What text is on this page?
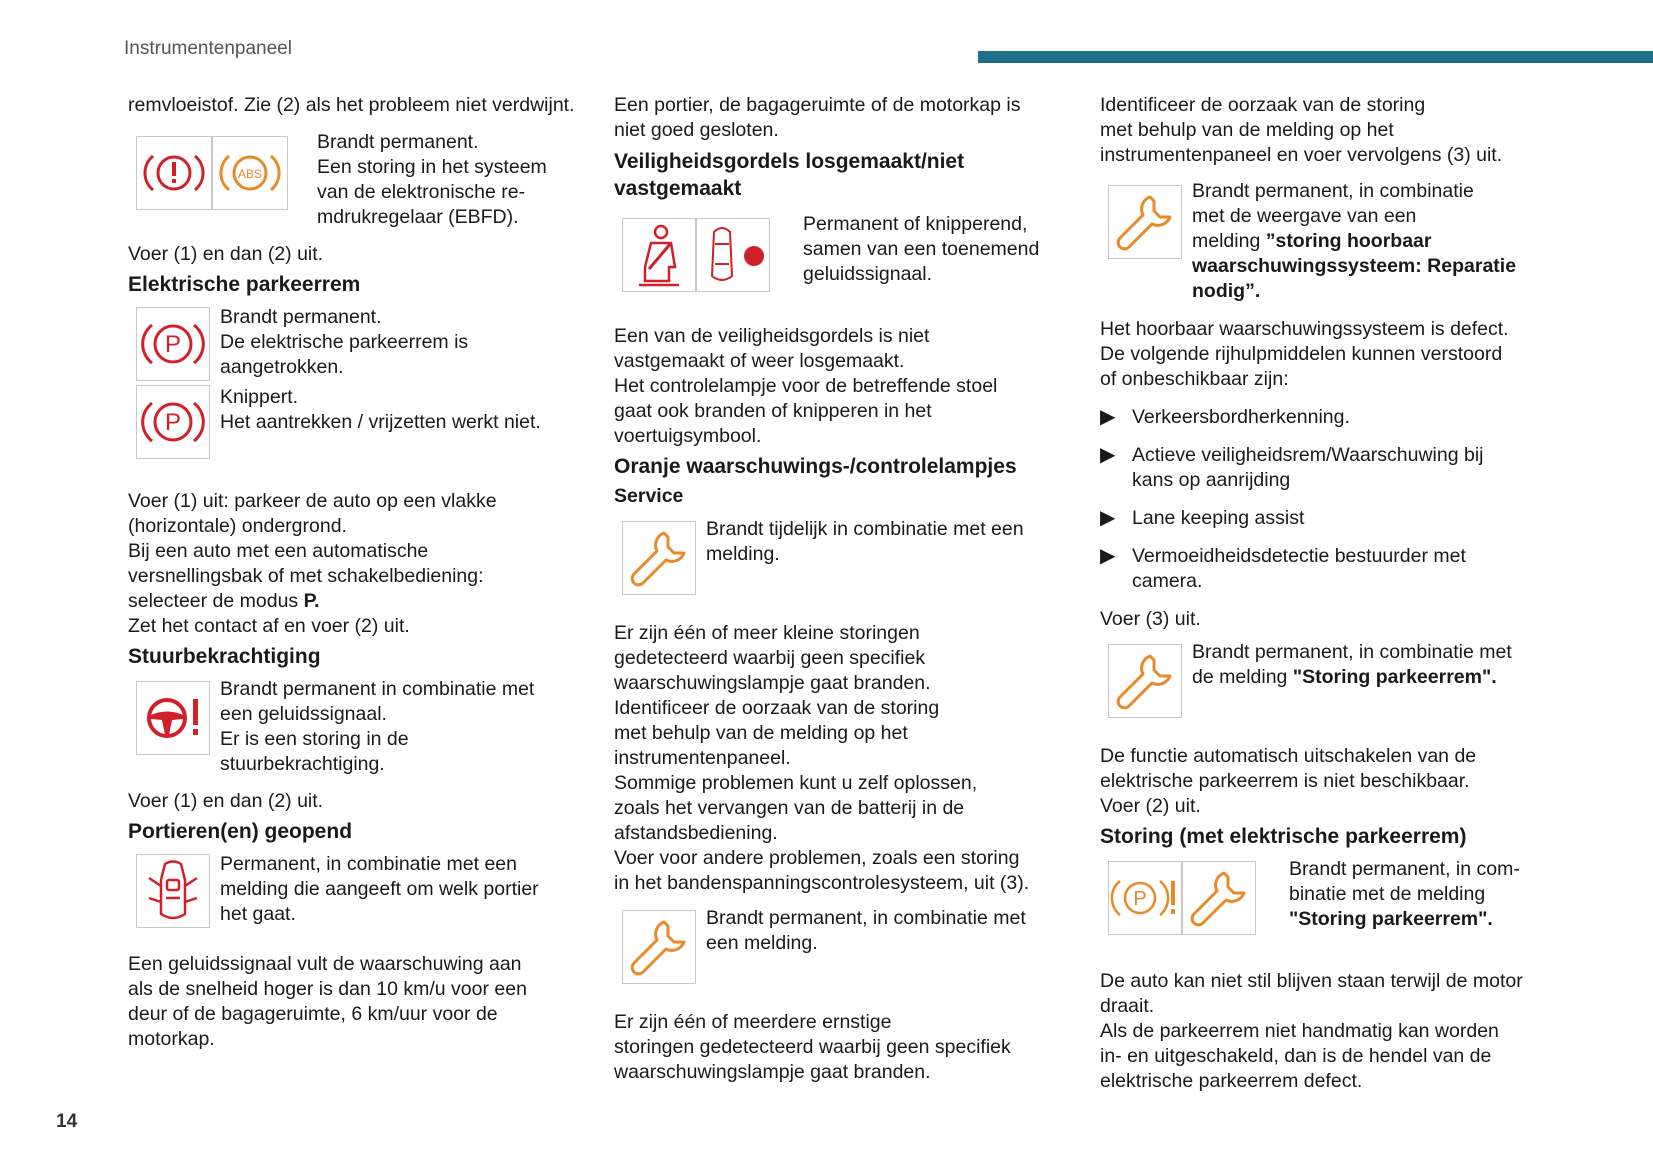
Instrumentenpaneel
14

remvloeistof. Zie (2) als het probleem niet verdwijnt.

ABS
Brandt permanent.
Een storing in het systeem
van de elektronische re-
mdrukregelaar (EBFD).

Voer (1) en dan (2) uit.

Elektrische parkeerrem

P
Brandt permanent.
De elektrische parkeerrem is
aangetrokken.
P
Knippert.
Het aantrekken / vrijzetten werkt niet.
Voer (1) uit: parkeer de auto op een vlakke
(horizontale) ondergrond.
Bij een auto met een automatische
versnellingsbak of met schakelbediening:
selecteer de modus P.
Zet het contact af en voer (2) uit.

Stuurbekrachtiging

Brandt permanent in combinatie met
een geluidssignaal.
Er is een storing in de
stuurbekrachtiging.

Voer (1) en dan (2) uit.

Portieren(en) geopend

Permanent, in combinatie met een
melding die aangeeft om welk portier
het gaat.
Een geluidssignaal vult de waarschuwing aan
als de snelheid hoger is dan 10 km/u voor een
deur of de bagageruimte, 6 km/uur voor de
motorkap.
Een portier, de bagageruimte of de motorkap is
niet goed gesloten.
Veiligheidsgordels losgemaakt/niet
vastgemaakt
Permanent of knipperend,
samen van een toenemend
geluidssignaal.
Een van de veiligheidsgordels is niet
vastgemaakt of weer losgemaakt.
Het controlelampje voor de betreffende stoel
gaat ook branden of knipperen in het
voertuigsymbool.

Oranje waarschuwings-/controlelampjes

Service

Brandt tijdelijk in combinatie met een
melding.
Er zijn één of meer kleine storingen
gedetecteerd waarbij geen specifiek
waarschuwingslampje gaat branden.
Identificeer de oorzaak van de storing
met behulp van de melding op het
instrumentenpaneel.
Sommige problemen kunt u zelf oplossen,
zoals het vervangen van de batterij in de
afstandsbediening.
Voer voor andere problemen, zoals een storing
in het bandenspanningscontrolesysteem, uit (3).
Brandt permanent, in combinatie met
een melding.
Er zijn één of meerdere ernstige
storingen gedetecteerd waarbij geen specifiek
waarschuwingslampje gaat branden.
Identificeer de oorzaak van de storing
met behulp van de melding op het
instrumentenpaneel en voer vervolgens (3) uit.
Brandt permanent, in combinatie
met de weergave van een
melding ”storing hoorbaar
waarschuwingssysteem: Reparatie
nodig”.
Het hoorbaar waarschuwingssysteem is defect.
De volgende rijhulpmiddelen kunnen verstoord
of onbeschikbaar zijn:
▶ Verkeersbordherkenning.
▶ Actieve veiligheidsrem/Waarschuwing bij
kans op aanrijding
▶ Lane keeping assist
▶ Vermoeidheidsdetectie bestuurder met
camera.

Voer (3) uit.

Brandt permanent, in combinatie met
de melding "Storing parkeerrem".
De functie automatisch uitschakelen van de
elektrische parkeerrem is niet beschikbaar.
Voer (2) uit.

Storing (met elektrische parkeerrem)

P
Brandt permanent, in com-
binatie met de melding
"Storing parkeerrem".
De auto kan niet stil blijven staan terwijl de motor
draait.
Als de parkeerrem niet handmatig kan worden
in- en uitgeschakeld, dan is de hendel van de
elektrische parkeerrem defect.
